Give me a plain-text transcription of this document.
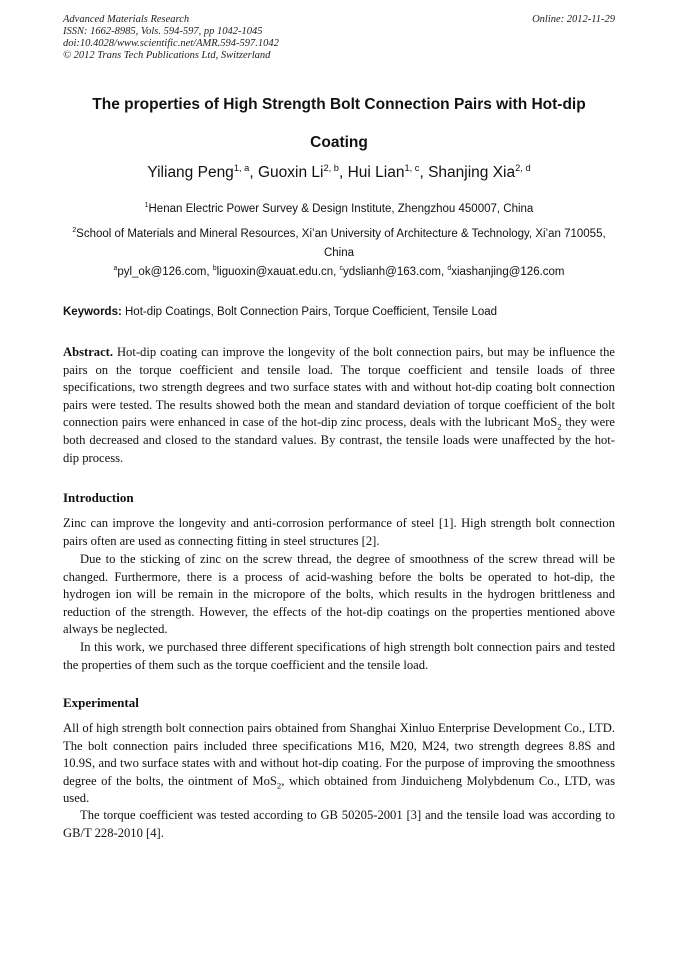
Advanced Materials Research
ISSN: 1662-8985, Vols. 594-597, pp 1042-1045
doi:10.4028/www.scientific.net/AMR.594-597.1042
© 2012 Trans Tech Publications Ltd, Switzerland
Online: 2012-11-29
The properties of High Strength Bolt Connection Pairs with Hot-dip Coating
Yiliang Peng$^{1, a}$, Guoxin Li$^{2, b}$, Hui Lian$^{1, c}$, Shanjing Xia$^{2, d}$
$^1$Henan Electric Power Survey & Design Institute, Zhengzhou 450007, China
$^2$School of Materials and Mineral Resources, Xi’an University of Architecture & Technology, Xi’an 710055, China
$^a$pyl_ok@126.com, $^b$liguoxin@xauat.edu.cn, $^c$ydslianh@163.com, $^d$xiashanjing@126.com
Keywords: Hot-dip Coatings, Bolt Connection Pairs, Torque Coefficient, Tensile Load

Abstract. Hot-dip coating can improve the longevity of the bolt connection pairs, but may be influence the pairs on the torque coefficient and tensile load. The torque coefficient and tensile loads of three specifications, two strength degrees and two surface states with and without hot-dip coating bolt connection pairs were tested. The results showed both the mean and standard deviation of torque coefficient of the bolt connection pairs were enhanced in case of the hot-dip zinc process, deals with the lubricant MoS$_2$ they were both decreased and closed to the standard values. By contrast, the tensile loads were unaffected by the hot-dip process.

Introduction

Zinc can improve the longevity and anti-corrosion performance of steel [1]. High strength bolt connection pairs often are used as connecting fitting in steel structures [2].

Due to the sticking of zinc on the screw thread, the degree of smoothness of the screw thread will be changed. Furthermore, there is a process of acid-washing before the bolts be operated to hot-dip, the hydrogen ion will be remain in the micropore of the bolts, which results in the hydrogen brittleness and reduction of the strength. However, the effects of the hot-dip coatings on the properties mentioned above always be neglected.

In this work, we purchased three different specifications of high strength bolt connection pairs and tested the properties of them such as the torque coefficient and the tensile load.

Experimental

All of high strength bolt connection pairs obtained from Shanghai Xinluo Enterprise Development Co., LTD. The bolt connection pairs included three specifications M16, M20, M24, two strength degrees 8.8S and 10.9S, and two surface states with and without hot-dip coating. For the purpose of improving the smoothness degree of the bolts, the ointment of MoS$_2$, which obtained from Jinduicheng Molybdenum Co., LTD, was used.

The torque coefficient was tested according to GB 50205-2001 [3] and the tensile load was according to GB/T 228-2010 [4].
